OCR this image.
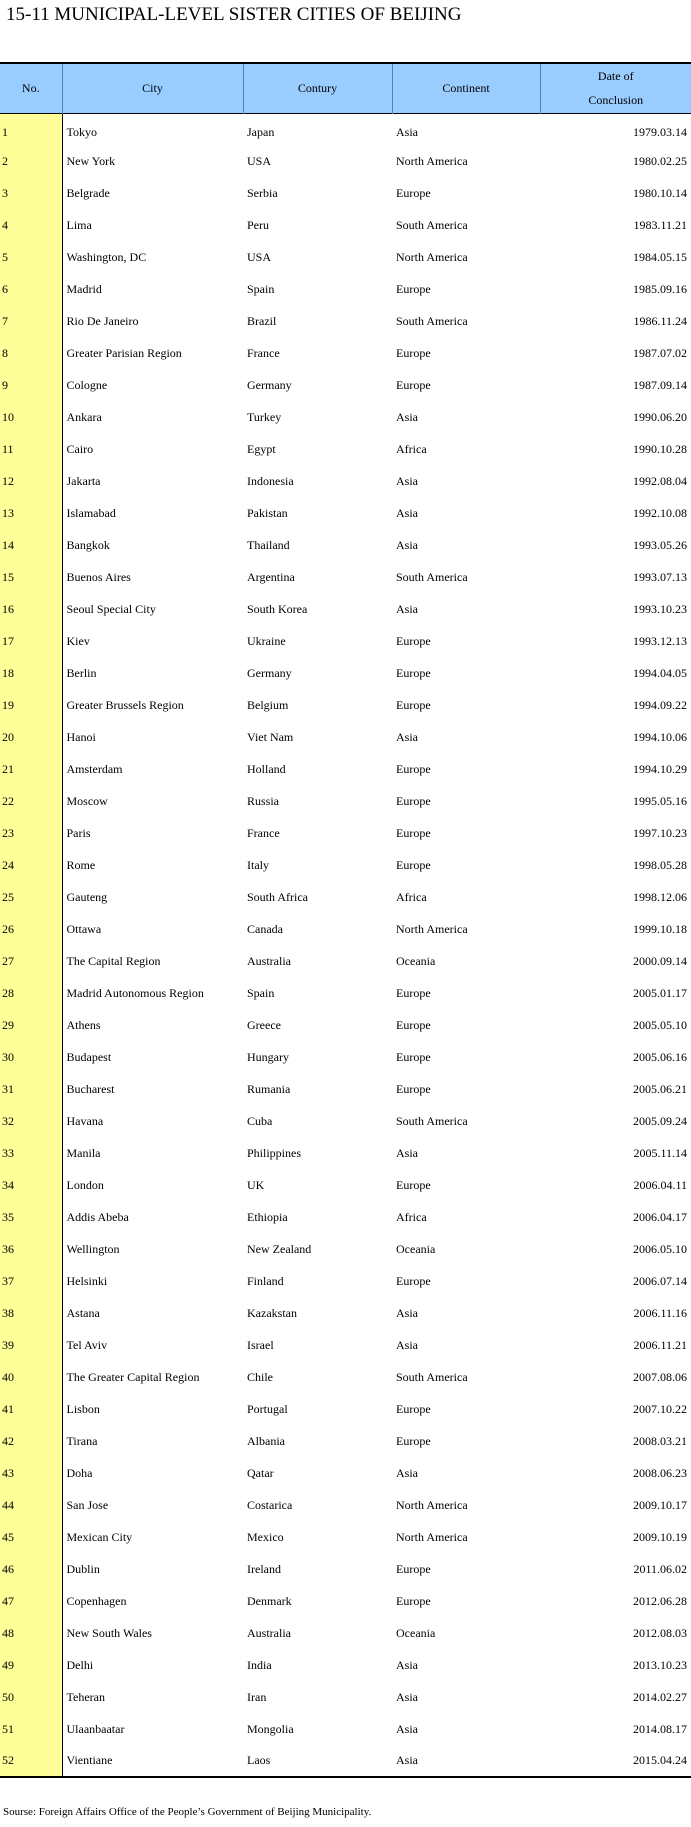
15-11 MUNICIPAL-LEVEL SISTER CITIES OF BEIJING
No.	City	Contury	Continent	Date of
Conclusion
1	Tokyo	Japan	Asia	1979.03.14
2	New York	USA	North America	1980.02.25
3	Belgrade	Serbia	Europe	1980.10.14
4	Lima	Peru	South America	1983.11.21
5	Washington, DC	USA	North America	1984.05.15
6	Madrid	Spain	Europe	1985.09.16
7	Rio De Janeiro	Brazil	South America	1986.11.24
8	Greater Parisian Region	France	Europe	1987.07.02
9	Cologne	Germany	Europe	1987.09.14
10	Ankara	Turkey	Asia	1990.06.20
11	Cairo	Egypt	Africa	1990.10.28
12	Jakarta	Indonesia	Asia	1992.08.04
13	Islamabad	Pakistan	Asia	1992.10.08
14	Bangkok	Thailand	Asia	1993.05.26
15	Buenos Aires	Argentina	South America	1993.07.13
16	Seoul Special City	South Korea	Asia	1993.10.23
17	Kiev	Ukraine	Europe	1993.12.13
18	Berlin	Germany	Europe	1994.04.05
19	Greater Brussels Region	Belgium	Europe	1994.09.22
20	Hanoi	Viet Nam	Asia	1994.10.06
21	Amsterdam	Holland	Europe	1994.10.29
22	Moscow	Russia	Europe	1995.05.16
23	Paris	France	Europe	1997.10.23
24	Rome	Italy	Europe	1998.05.28
25	Gauteng	South Africa	Africa	1998.12.06
26	Ottawa	Canada	North America	1999.10.18
27	The Capital Region	Australia	Oceania	2000.09.14
28	Madrid Autonomous Region	Spain	Europe	2005.01.17
29	Athens	Greece	Europe	2005.05.10
30	Budapest	Hungary	Europe	2005.06.16
31	Bucharest	Rumania	Europe	2005.06.21
32	Havana	Cuba	South America	2005.09.24
33	Manila	Philippines	Asia	2005.11.14
34	London	UK	Europe	2006.04.11
35	Addis Abeba	Ethiopia	Africa	2006.04.17
36	Wellington	New Zealand	Oceania	2006.05.10
37	Helsinki	Finland	Europe	2006.07.14
38	Astana	Kazakstan	Asia	2006.11.16
39	Tel Aviv	Israel	Asia	2006.11.21
40	The Greater Capital Region	Chile	South America	2007.08.06
41	Lisbon	Portugal	Europe	2007.10.22
42	Tirana	Albania	Europe	2008.03.21
43	Doha	Qatar	Asia	2008.06.23
44	San Jose	Costarica	North America	2009.10.17
45	Mexican City	Mexico	North America	2009.10.19
46	Dublin	Ireland	Europe	2011.06.02
47	Copenhagen	Denmark	Europe	2012.06.28
48	New South Wales	Australia	Oceania	2012.08.03
49	Delhi	India	Asia	2013.10.23
50	Teheran	Iran	Asia	2014.02.27
51	Ulaanbaatar	Mongolia	Asia	2014.08.17
52	Vientiane	Laos	Asia	2015.04.24
Sourse: Foreign Affairs Office of the People’s Government of Beijing Municipality.
